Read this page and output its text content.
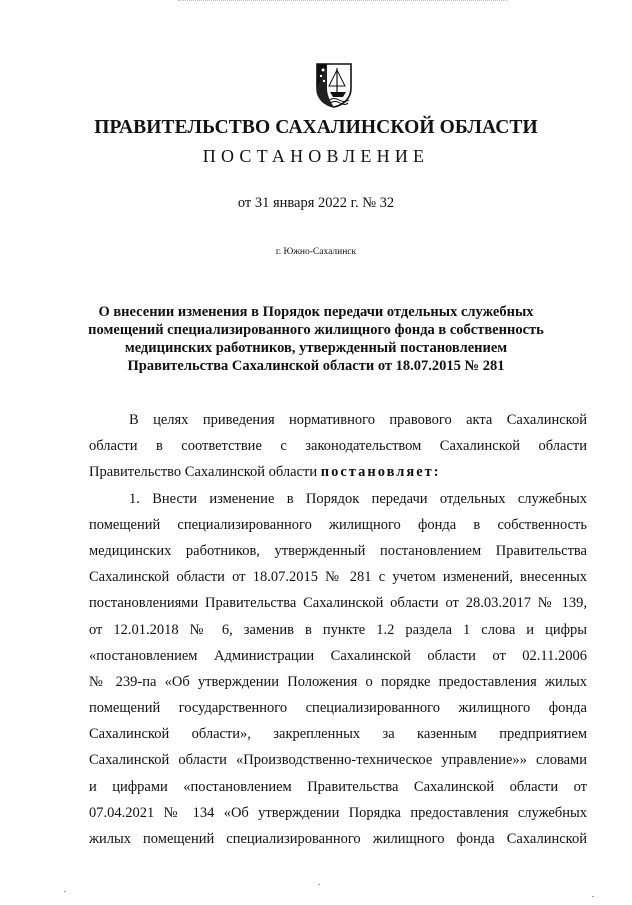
ПРАВИТЕЛЬСТВО САХАЛИНСКОЙ ОБЛАСТИ
ПОСТАНОВЛЕНИЕ
от 31 января 2022 г. № 32
г. Южно-Сахалинск
О внесении изменения в Порядок передачи отдельных служебных
помещений специализированного жилищного фонда в собственность
медицинских работников, утвержденный постановлением
Правительства Сахалинской области от 18.07.2015 № 281
В целях приведения нормативного правового акта Сахалинской
области в соответствие с законодательством Сахалинской области
Правительство Сахалинской области постановляет:
1. Внести изменение в Порядок передачи отдельных служебных
помещений специализированного жилищного фонда в собственность
медицинских работников, утвержденный постановлением Правительства
Сахалинской области от 18.07.2015 № 281 с учетом изменений, внесенных
постановлениями Правительства Сахалинской области от 28.03.2017 № 139,
от 12.01.2018 № 6, заменив в пункте 1.2 раздела 1 слова и цифры
«постановлением Администрации Сахалинской области от 02.11.2006
№ 239-па «Об утверждении Положения о порядке предоставления жилых
помещений государственного специализированного жилищного фонда
Сахалинской области», закрепленных за казенным предприятием
Сахалинской области «Производственно-техническое управление»» словами
и цифрами «постановлением Правительства Сахалинской области от
07.04.2021 № 134 «Об утверждении Порядка предоставления служебных
жилых помещений специализированного жилищного фонда Сахалинской
